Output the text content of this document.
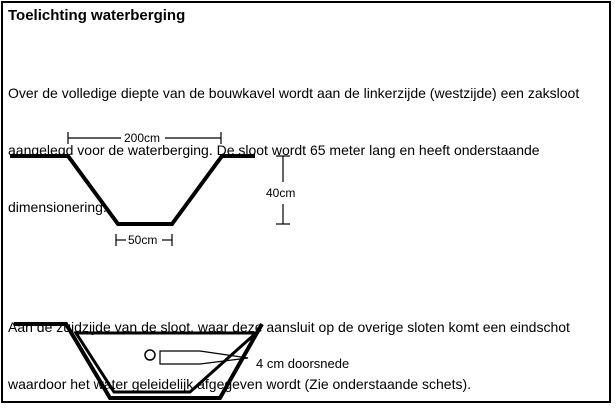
Toelichting waterberging

Over de volledige diepte van de bouwkavel wordt aan de linkerzijde (westzijde) een zaksloot

aangelegd voor de waterberging. De sloot wordt 65 meter lang en heeft onderstaande

dimensionering.

200cm
50cm
40cm

Aan de zuidzijde van de sloot, waar deze aansluit op de overige sloten komt een eindschot

waardoor het water geleidelijk afgegeven wordt (Zie onderstaande schets).

4 cm doorsnede
